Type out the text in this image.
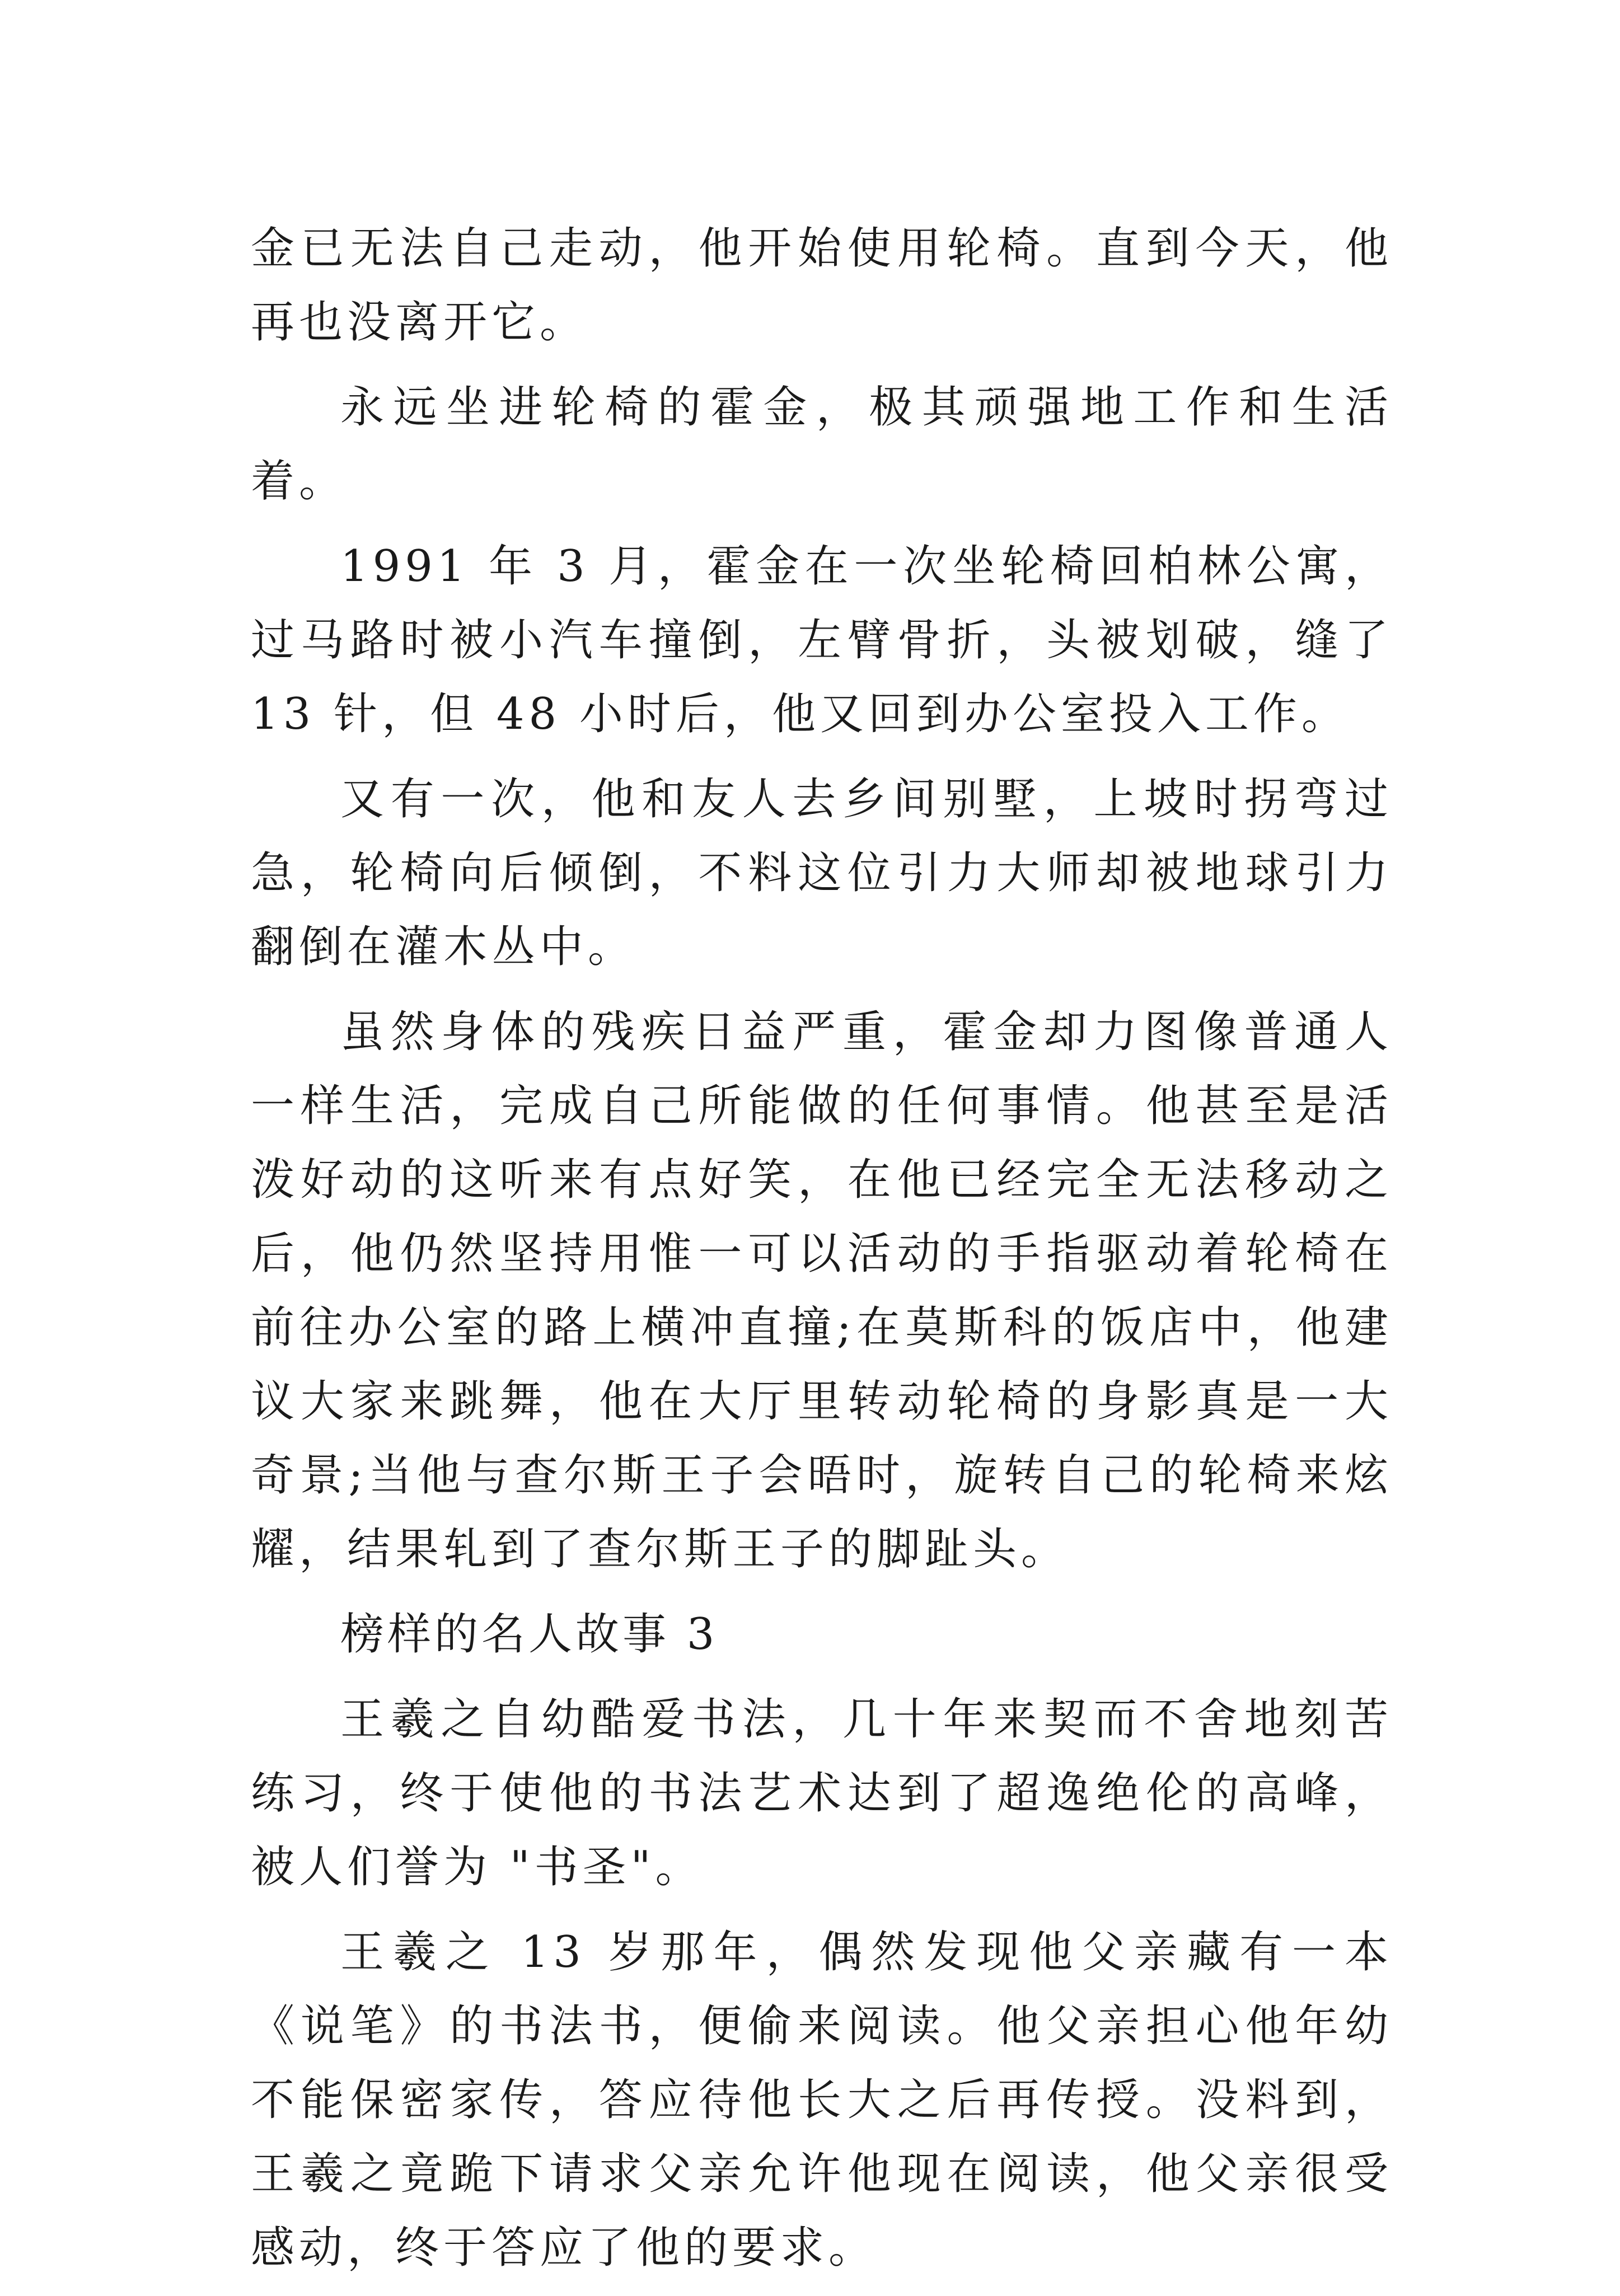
金已无法自己走动，他开始使用轮椅。直到今天，他再也没离开它。

永远坐进轮椅的霍金，极其顽强地工作和生活着。

1991 年 3 月，霍金在一次坐轮椅回柏林公寓，过马路时被小汽车撞倒，左臂骨折，头被划破，缝了 13 针，但 48 小时后，他又回到办公室投入工作。

又有一次，他和友人去乡间别墅，上坡时拐弯过急，轮椅向后倾倒，不料这位引力大师却被地球引力翻倒在灌木丛中。

虽然身体的残疾日益严重，霍金却力图像普通人一样生活，完成自己所能做的任何事情。他甚至是活泼好动的这听来有点好笑，在他已经完全无法移动之后，他仍然坚持用惟一可以活动的手指驱动着轮椅在前往办公室的路上横冲直撞;在莫斯科的饭店中，他建议大家来跳舞，他在大厅里转动轮椅的身影真是一大奇景;当他与查尔斯王子会晤时，旋转自己的轮椅来炫耀，结果轧到了查尔斯王子的脚趾头。

榜样的名人故事 3

王羲之自幼酷爱书法，几十年来契而不舍地刻苦练习，终于使他的书法艺术达到了超逸绝伦的高峰，被人们誉为 "书圣"。

王羲之 13 岁那年，偶然发现他父亲藏有一本《说笔》的书法书，便偷来阅读。他父亲担心他年幼不能保密家传，答应待他长大之后再传授。没料到，王羲之竟跪下请求父亲允许他现在阅读，他父亲很受感动，终于答应了他的要求。
